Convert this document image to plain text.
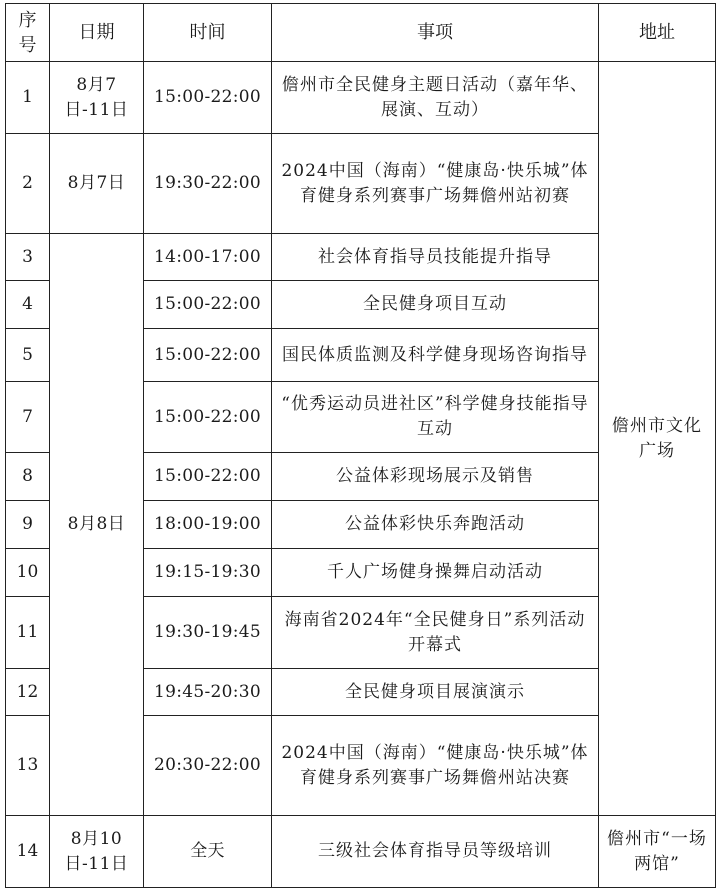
序号	日期	时间	事项	地址
1	8月7日-11日	15:00-22:00	儋州市全民健身主题日活动（嘉年华、展演、互动）	儋州市文化广场
2	8月7日	19:30-22:00	2024中国（海南）“健康岛·快乐城”体育健身系列赛事广场舞儋州站初赛	
3	8月8日	14:00-17:00	社会体育指导员技能提升指导	
4		15:00-22:00	全民健身项目互动	
5		15:00-22:00	国民体质监测及科学健身现场咨询指导	
7		15:00-22:00	“优秀运动员进社区”科学健身技能指导互动	
8		15:00-22:00	公益体彩现场展示及销售	
9		18:00-19:00	公益体彩快乐奔跑活动	
10		19:15-19:30	千人广场健身操舞启动活动	
11		19:30-19:45	海南省2024年“全民健身日”系列活动开幕式	
12		19:45-20:30	全民健身项目展演演示	
13		20:30-22:00	2024中国（海南）“健康岛·快乐城”体育健身系列赛事广场舞儋州站决赛	
14	8月10日-11日	全天	三级社会体育指导员等级培训	儋州市“一场两馆”
